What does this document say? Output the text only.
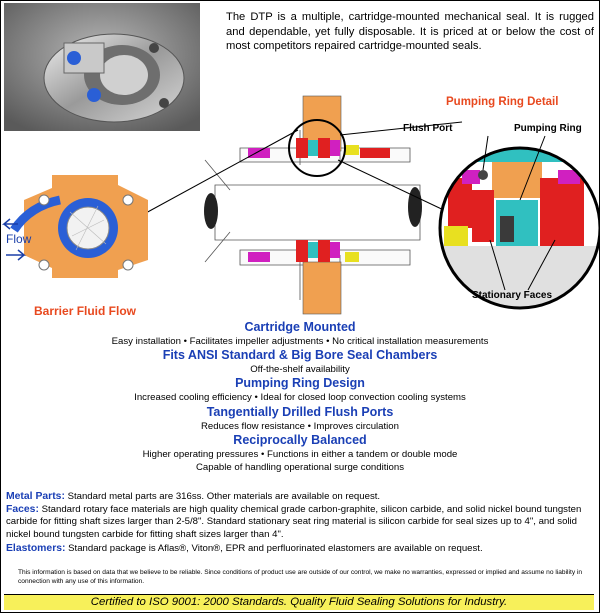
The DTP is a multiple, cartridge-mounted mechanical seal. It is rugged and dependable, yet fully disposable. It is priced at or below the cost of most competitors repaired cartridge-mounted seals.
Pumping Ring Detail
Flush Port	Pumping Ring
Stationary Faces
Flow
Barrier Fluid Flow
Cartridge Mounted
Easy installation • Facilitates impeller adjustments • No critical installation measurements
Fits ANSI Standard & Big Bore Seal Chambers
Off-the-shelf availability
Pumping Ring Design
Increased cooling efficiency • Ideal for closed loop convection cooling systems
Tangentially Drilled Flush Ports
Reduces flow resistance • Improves circulation
Reciprocally Balanced
Higher operating pressures • Functions in either a tandem or double mode
Capable of handling operational surge conditions
Metal Parts: Standard metal parts are 316ss. Other materials are available on request.
Faces: Standard rotary face materials are high quality chemical grade carbon-graphite, silicon carbide, and solid nickel bound tungsten carbide for fitting shaft sizes larger than 2-5/8". Standard stationary seat ring material is silicon carbide for seal sizes up to 4", and solid nickel bound tungsten carbide for fitting shaft sizes larger than 4".
Elastomers: Standard package is Aflas®, Viton®, EPR and perfluorinated elastomers are available on request.
This information is based on data that we believe to be reliable. Since conditions of product use are outside of our control, we make no warranties, expressed or implied and assume no liability in connection with any use of this information.
Certified to ISO 9001: 2000 Standards. Quality Fluid Sealing Solutions for Industry.
